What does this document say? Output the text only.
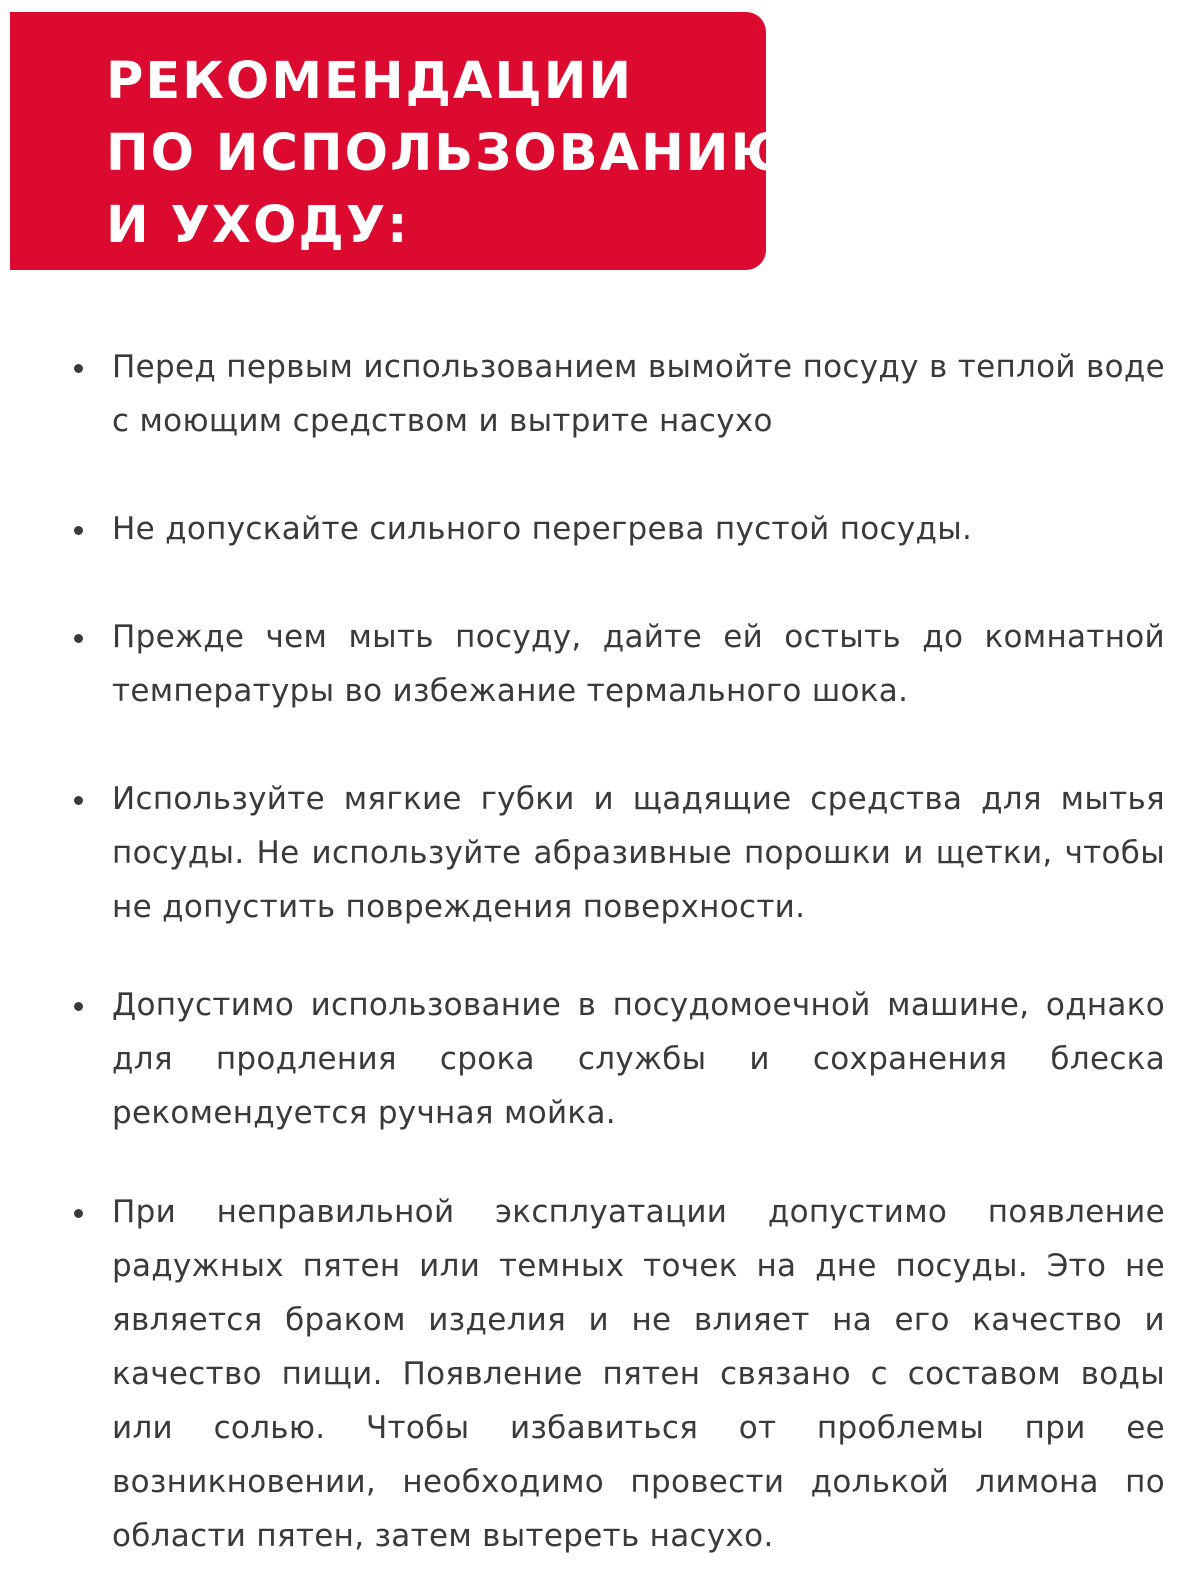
РЕКОМЕНДАЦИИ
ПО ИСПОЛЬЗОВАНИЮ
И УХОДУ:
Перед первым использованием вымойте посуду в теплой воде с моющим средством и вытрите насухо
Не допускайте сильного перегрева пустой посуды.
Прежде чем мыть посуду, дайте ей остыть до комнатной температуры во избежание термального шока.
Используйте мягкие губки и щадящие средства для мытья посуды. Не используйте абразивные порошки и щетки, чтобы не допустить повреждения поверхности.
Допустимо использование в посудомоечной машине, однако для продления срока службы и сохранения блеска рекомендуется ручная мойка.
При неправильной эксплуатации допустимо появление радужных пятен или темных точек на дне посуды. Это не является браком изделия и не влияет на его качество и качество пищи. Появление пятен связано с составом воды или солью. Чтобы избавиться от проблемы при ее возникновении, необходимо провести долькой лимона по области пятен, затем вытереть насухо.
